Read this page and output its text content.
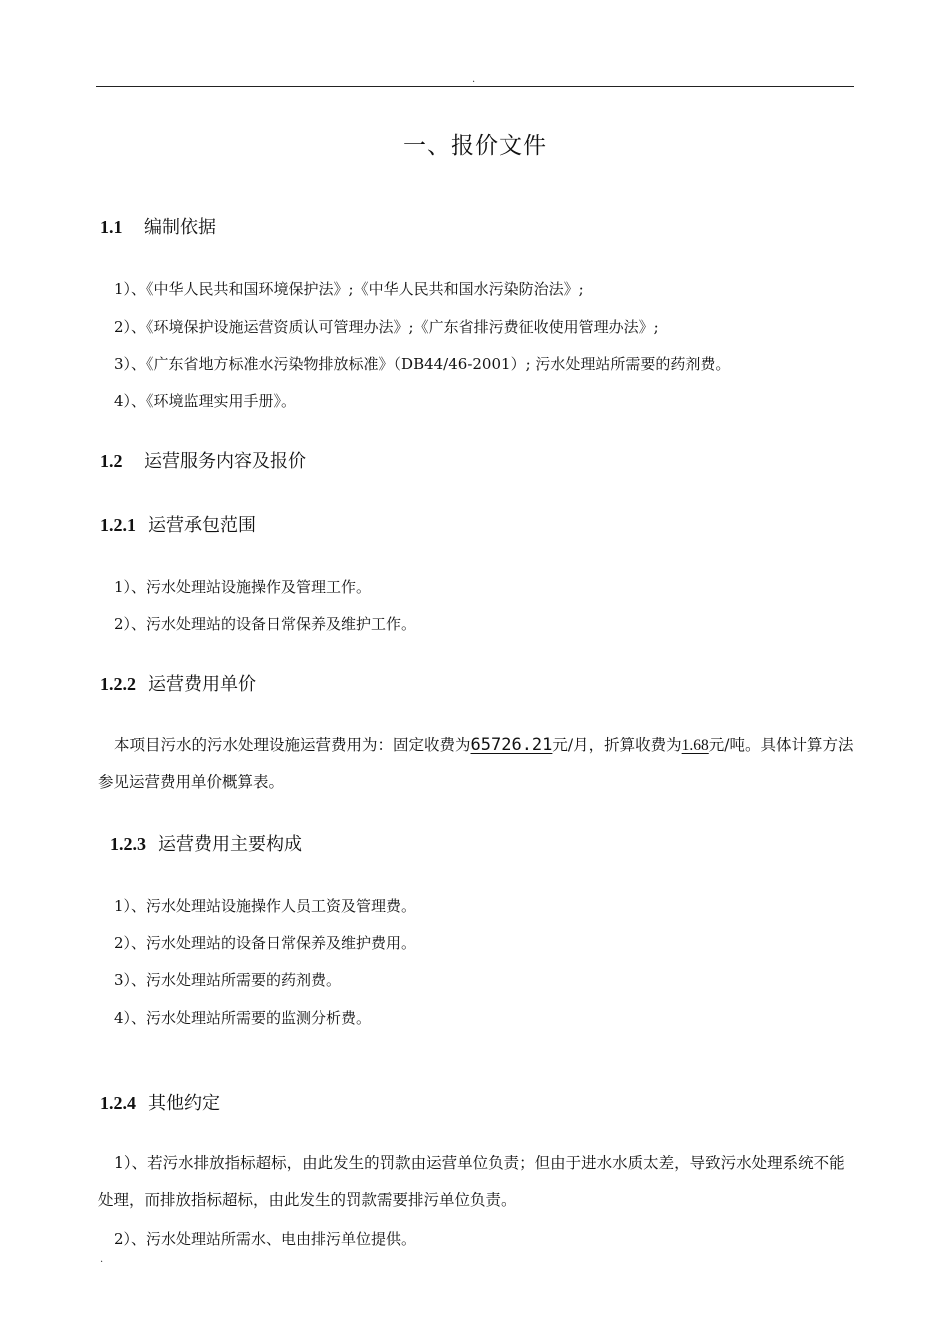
.
一、报价文件
1.1 编制依据
1）、《中华人民共和国环境保护法》;《中华人民共和国水污染防治法》;
2）、《环境保护设施运营资质认可管理办法》;《广东省排污费征收使用管理办法》;
3）、《广东省地方标准水污染物排放标准》（DB44/46-2001）; 污水处理站所需要的药剂费。
4）、《环境监理实用手册》。
1.2 运营服务内容及报价
1.2.1 运营承包范围
1）、污水处理站设施操作及管理工作。
2）、污水处理站的设备日常保养及维护工作。
1.2.2 运营费用单价
本项目污水的污水处理设施运营费用为：固定收费为65726.21元/月，折算收费为1.68元/吨。具体计算方法参见运营费用单价概算表。
1.2.3 运营费用主要构成
1）、污水处理站设施操作人员工资及管理费。
2）、污水处理站的设备日常保养及维护费用。
3）、污水处理站所需要的药剂费。
4）、污水处理站所需要的监测分析费。
1.2.4 其他约定
1）、若污水排放指标超标，由此发生的罚款由运营单位负责；但由于进水水质太差，导致污水处理系统不能处理，而排放指标超标，由此发生的罚款需要排污单位负责。
2）、污水处理站所需水、电由排污单位提供。
.
